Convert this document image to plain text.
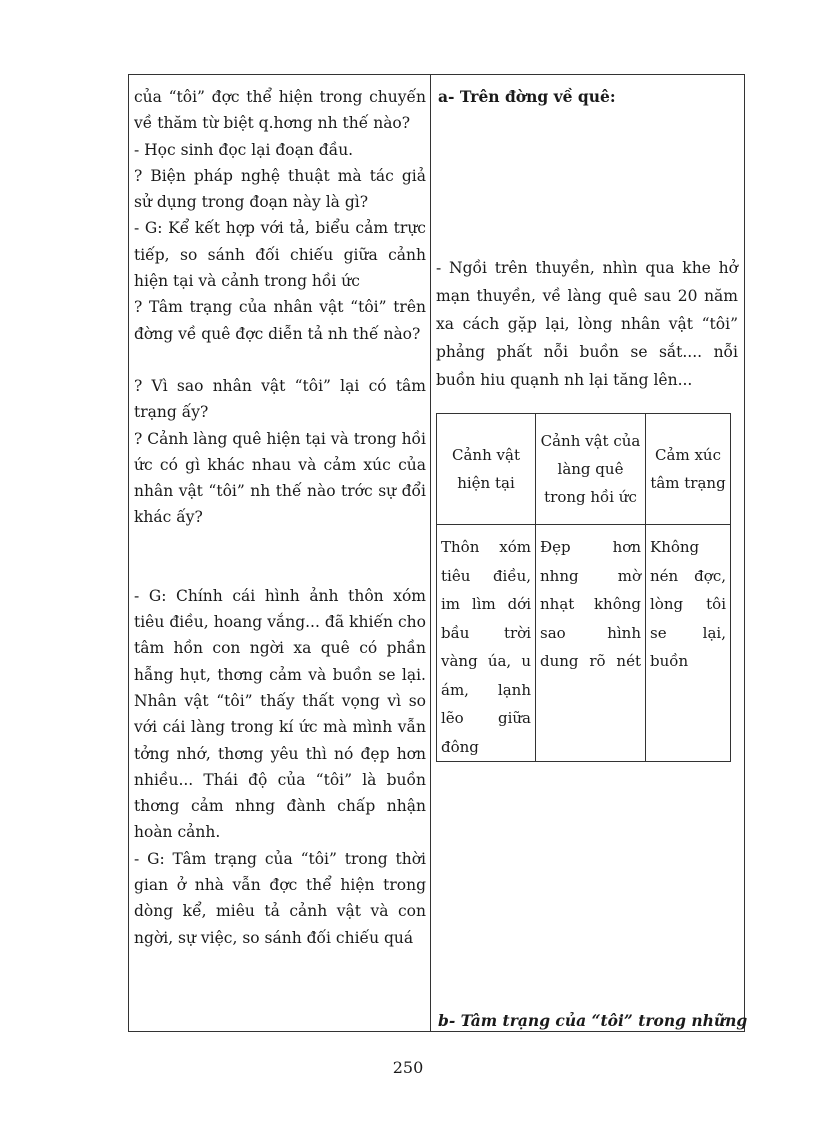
của “tôi” đợc thể hiện trong chuyến về thăm từ biệt q.hơng nh thế nào?

- Học sinh đọc lại đoạn đầu.

? Biện pháp nghệ thuật mà tác giả sử dụng trong đoạn này là gì?

- G: Kể kết hợp với tả, biểu cảm trực tiếp, so sánh đối chiếu giữa cảnh hiện tại và cảnh trong hồi ức

? Tâm trạng của nhân vật “tôi” trên đờng về quê đợc diễn tả nh thế nào?

? Vì sao nhân vật “tôi” lại có tâm trạng ấy?

? Cảnh làng quê hiện tại và trong hồi ức có gì khác nhau và cảm xúc của nhân vật “tôi” nh thế nào trớc sự đổi khác ấy?

- G: Chính cái hình ảnh thôn xóm tiêu điều, hoang vắng... đã khiến cho tâm hồn con ngời xa quê có phần hẫng hụt, thơng cảm và buồn se lại. Nhân vật “tôi” thấy thất vọng vì so với cái làng trong kí ức mà mình vẫn tởng nhớ, thơng yêu thì nó đẹp hơn nhiều... Thái độ của “tôi” là buồn thơng cảm nhng đành chấp nhận hoàn cảnh.

- G: Tâm trạng của “tôi” trong thời gian ở nhà vẫn đợc thể hiện trong dòng kể, miêu tả cảnh vật và con ngời, sự việc, so sánh đối chiếu quá

a- Trên đờng về quê:

- Ngồi trên thuyền, nhìn qua khe hở mạn thuyền, về làng quê sau 20 năm xa cách gặp lại, lòng nhân vật “tôi” phảng phất nỗi buồn se sắt.... nỗi buồn hiu quạnh nh lại tăng lên...

Cảnh vật hiện tại	Cảnh vật của làng quê trong hồi ức	Cảm xúc tâm trạng
Thôn xóm tiêu điều, im lìm dới bầu trời vàng úa, u ám, lạnh lẽo giữa đông	Đẹp hơn nhng mờ nhạt không sao hình dung rõ nét	Không nén đợc, lòng tôi se lại, buồn
b- Tâm trạng của “tôi” trong những
250
